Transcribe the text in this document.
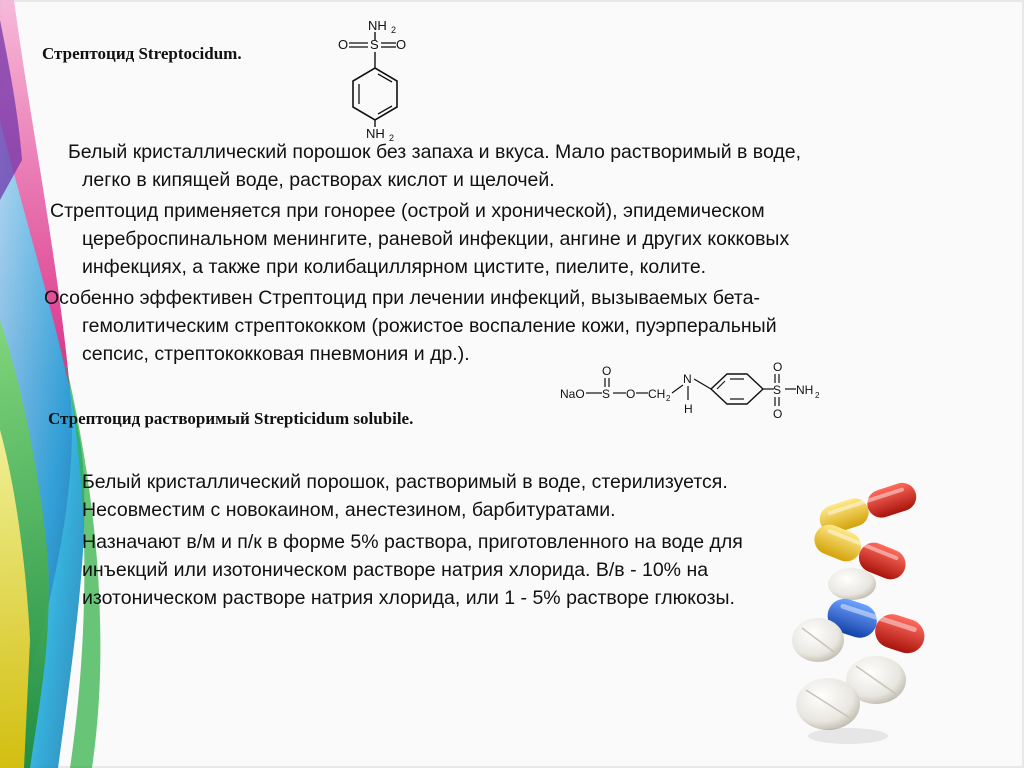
Стрептоцид Streptocidum.

NH 2
O S O
NH 2

Белый кристаллический порошок без запаха и вкуса. Мало растворимый в воде,
легко в кипящей воде, растворах кислот и щелочей.

Стрептоцид применяется при гонорее (острой и хронической), эпидемическом
цереброспинальном менингите, раневой инфекции, ангине и других кокковых
инфекциях, а также при колибациллярном цистите, пиелите, колите.

Особенно эффективен Стрептоцид при лечении инфекций, вызываемых бета-
гемолитическим стрептококком (рожистое воспаление кожи, пуэрперальный
сепсис, стрептококковая пневмония и др.).

NaO
O
S O CH 2
N
H
O
S
O
NH 2

Стрептоцид растворимый Strepticidum solubile.

Белый кристаллический порошок, растворимый в воде, стерилизуется.
Несовместим с новокаином, анестезином, барбитуратами.

Назначают в/м и п/к в форме 5% раствора, приготовленного на воде для
инъекций или изотоническом растворе натрия хлорида. В/в - 10% на
изотоническом растворе натрия хлорида, или 1 - 5% растворе глюкозы.
